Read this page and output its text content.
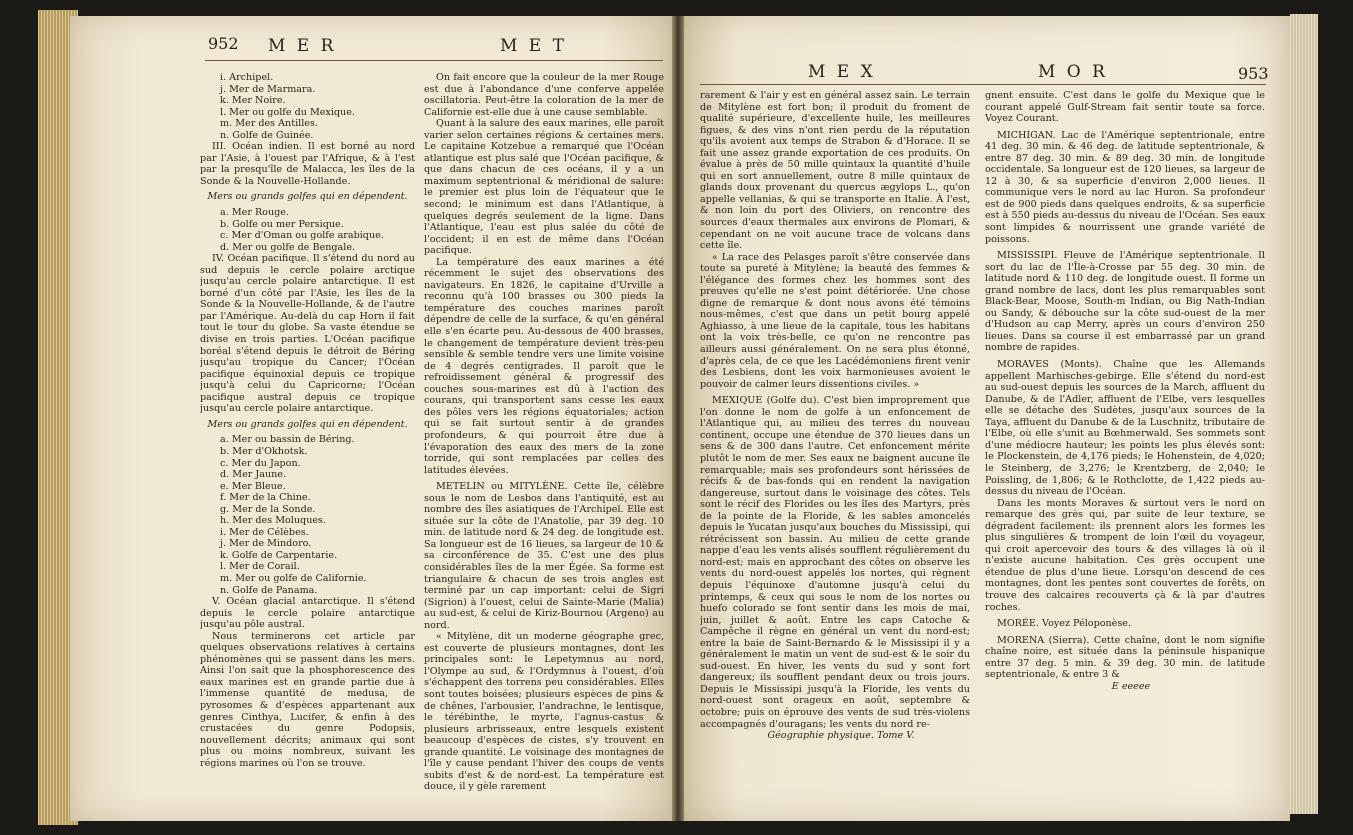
952 M E R	M E T
M E X	M O R	953

i. Archipel.

j. Mer de Marmara.

k. Mer Noire.

l. Mer ou golfe du Mexique.

m. Mer des Antilles.

n. Golfe de Guinée.

III. Océan indien. Il est borné au nord par l'Asie, à l'ouest par l'Afrique, & à l'est par la presqu'île de Malacca, les îles de la Sonde & la Nouvelle-Hollande.

Mers ou grands golfes qui en dépendent.

a. Mer Rouge.

b. Golfe ou mer Persique.

c. Mer d'Oman ou golfe arabique.

d. Mer ou golfe de Bengale.

IV. Océan pacifique. Il s'étend du nord au sud depuis le cercle polaire arctique jusqu'au cercle polaire antarctique. Il est borné d'un côté par l'Asie, les îles de la Sonde & la Nouvelle-Hollande, & de l'autre par l'Amérique. Au-delà du cap Horn il fait tout le tour du globe. Sa vaste étendue se divise en trois parties. L'Océan pacifique boréal s'étend depuis le détroit de Béring jusqu'au tropique du Cancer; l'Océan pacifique équinoxial depuis ce tropique jusqu'à celui du Capricorne; l'Océan pacifique austral depuis ce tropique jusqu'au cercle polaire antarctique.

Mers ou grands golfes qui en dépendent.

a. Mer ou bassin de Béring.

b. Mer d'Okhotsk.

c. Mer du Japon.

d. Mer Jaune.

e. Mer Bleue.

f. Mer de la Chine.

g. Mer de la Sonde.

h. Mer des Moluques.

i. Mer de Célèbes.

j. Mer de Mindoro.

k. Golfe de Carpentarie.

l. Mer de Corail.

m. Mer ou golfe de Californie.

n. Golfe de Panama.

V. Océan glacial antarctique. Il s'étend depuis le cercle polaire antarctique jusqu'au pôle austral.

Nous terminerons cet article par quelques observations relatives à certains phénomènes qui se passent dans les mers. Ainsi l'on sait que la phosphorescence des eaux marines est en grande partie due à l'immense quantité de medusa, de pyrosomes & d'espèces appartenant aux genres Cinthya, Lucifer, & enfin à des crustacées du genre Podopsis, nouvellement décrits; animaux qui sont plus ou moins nombreux, suivant les régions marines où l'on se trouve.

On fait encore que la couleur de la mer Rouge est due à l'abondance d'une conferve appelée oscillatoria. Peut-être la coloration de la mer de Californie est-elle due à une cause semblable.

Quant à la salure des eaux marines, elle paroît varier selon certaines régions & certaines mers. Le capitaine Kotzebue a remarqué que l'Océan atlantique est plus salé que l'Océan pacifique, & que dans chacun de ces océans, il y a un maximum septentrional & méridional de salure: le premier est plus loin de l'équateur que le second; le minimum est dans l'Atlantique, à quelques degrés seulement de la ligne. Dans l'Atlantique, l'eau est plus salée du côté de l'occident; il en est de même dans l'Océan pacifique.

La température des eaux marines a été récemment le sujet des observations des navigateurs. En 1826, le capitaine d'Urville a reconnu qu'à 100 brasses ou 300 pieds la température des couches marines paroît dépendre de celle de la surface, & qu'en général elle s'en écarte peu. Au-dessous de 400 brasses, le changement de température devient très-peu sensible & semble tendre vers une limite voisine de 4 degrés centigrades. Il paroît que le refroidissement général & progressif des couches sous-marines est dû à l'action des courans, qui transportent sans cesse les eaux des pôles vers les régions équatoriales; action qui se fait surtout sentir à de grandes profondeurs, & qui pourroit être due à l'évaporation des eaux des mers de la zone torride, qui sont remplacées par celles des latitudes élevées.

METELIN ou MITYLÈNE. Cette île, célèbre sous le nom de Lesbos dans l'antiquité, est au nombre des îles asiatiques de l'Archipel. Elle est située sur la côte de l'Anatolie, par 39 deg. 10 min. de latitude nord & 24 deg. de longitude est. Sa longueur est de 16 lieues, sa largeur de 10 & sa circonférence de 35. C'est une des plus considérables îles de la mer Égée. Sa forme est triangulaire & chacun de ses trois angles est terminé par un cap important: celui de Sigri (Sigrion) à l'ouest, celui de Sainte-Marie (Malia) au sud-est, & celui de Kiriz-Bournou (Argeno) au nord.

« Mitylène, dit un moderne géographe grec, est couverte de plusieurs montagnes, dont les principales sont: le Lepetymnus au nord, l'Olympe au sud, & l'Ordymnus à l'ouest, d'où s'échappent des torrens peu considérables. Elles sont toutes boisées; plusieurs espèces de pins & de chênes, l'arbousier, l'andrachne, le lentisque, le térébinthe, le myrte, l'agnus-castus & plusieurs arbrisseaux, entre lesquels existent beaucoup d'espèces de cistes, s'y trouvent en grande quantité. Le voisinage des montagnes de l'île y cause pendant l'hiver des coups de vents subits d'est & de nord-est. La température est douce, il y gèle rarement

rarement & l'air y est en général assez sain. Le terrain de Mitylène est fort bon; il produit du froment de qualité supérieure, d'excellente huile, les meilleures figues, & des vins n'ont rien perdu de la réputation qu'ils avoient aux temps de Strabon & d'Horace. Il se fait une assez grande exportation de ces produits. On évalue à près de 50 mille quintaux la quantité d'huile qui en sort annuellement, outre 8 mille quintaux de glands doux provenant du quercus ægylops L., qu'on appelle vellanias, & qui se transporte en Italie. À l'est, & non loin du port des Oliviers, on rencontre des sources d'eaux thermales aux environs de Plomari, & cependant on ne voit aucune trace de volcans dans cette île.

« La race des Pelasges paroît s'être conservée dans toute sa pureté à Mitylène; la beauté des femmes & l'élégance des formes chez les hommes sont des preuves qu'elle ne s'est point détériorée. Une chose digne de remarque & dont nous avons été témoins nous-mêmes, c'est que dans un petit bourg appelé Aghiasso, à une lieue de la capitale, tous les habitans ont la voix très-belle, ce qu'on ne rencontre pas ailleurs aussi généralement. On ne sera plus étonné, d'après cela, de ce que les Lacédémoniens firent venir des Lesbiens, dont les voix harmonieuses avoient le pouvoir de calmer leurs dissentions civiles. »

MEXIQUE (Golfe du). C'est bien improprement que l'on donne le nom de golfe à un enfoncement de l'Atlantique qui, au milieu des terres du nouveau continent, occupe une étendue de 370 lieues dans un sens & de 300 dans l'autre. Cet enfoncement mérite plutôt le nom de mer. Ses eaux ne baignent aucune île remarquable; mais ses profondeurs sont hérissées de récifs & de bas-fonds qui en rendent la navigation dangereuse, surtout dans le voisinage des côtes. Tels sont le récif des Florides ou les îles des Martyrs, près de la pointe de la Floride, & les sables amoncelés depuis le Yucatan jusqu'aux bouches du Mississipi, qui rétrécissent son bassin. Au milieu de cette grande nappe d'eau les vents alisés soufflent régulièrement du nord-est; mais en approchant des côtes on observe les vents du nord-ouest appelés los nortes, qui règnent depuis l'équinoxe d'automne jusqu'à celui du printemps, & ceux qui sous le nom de los nortes ou huefo colorado se font sentir dans les mois de mai, juin, juillet & août. Entre les caps Catoche & Campêche il règne en général un vent du nord-est; entre la baie de Saint-Bernardo & le Mississipi il y a généralement le matin un vent de sud-est & le soir du sud-ouest. En hiver, les vents du sud y sont fort dangereux; ils soufflent pendant deux ou trois jours. Depuis le Mississipi jusqu'à la Floride, les vents du nord-ouest sont orageux en août, septembre & octobre; puis on éprouve des vents de sud très-violens accompagnés d'ouragans; les vents du nord re-

Géographie physique. Tome V.

gnent ensuite. C'est dans le golfe du Mexique que le courant appelé Gulf-Stream fait sentir toute sa force. Voyez Courant.

MICHIGAN. Lac de l'Amérique septentrionale, entre 41 deg. 30 min. & 46 deg. de latitude septentrionale, & entre 87 deg. 30 min. & 89 deg. 30 min. de longitude occidentale. Sa longueur est de 120 lieues, sa largeur de 12 à 30, & sa superficie d'environ 2,000 lieues. Il communique vers le nord au lac Huron. Sa profondeur est de 900 pieds dans quelques endroits, & sa superficie est à 550 pieds au-dessus du niveau de l'Océan. Ses eaux sont limpides & nourrissent une grande variété de poissons.

MISSISSIPI. Fleuve de l'Amérique septentrionale. Il sort du lac de l'Île-à-Crosse par 55 deg. 30 min. de latitude nord & 110 deg. de longitude ouest. Il forme un grand nombre de lacs, dont les plus remarquables sont Black-Bear, Moose, South-m Indian, ou Big Nath-Indian ou Sandy, & débouche sur la côte sud-ouest de la mer d'Hudson au cap Merry, après un cours d'environ 250 lieues. Dans sa course il est embarrassé par un grand nombre de rapides.

MORAVES (Monts). Chaîne que les Allemands appellent Marhisches-gebirge. Elle s'étend du nord-est au sud-ouest depuis les sources de la March, affluent du Danube, & de l'Adler, affluent de l'Elbe, vers lesquelles elle se détache des Sudètes, jusqu'aux sources de la Taya, affluent du Danube & de la Luschnitz, tributaire de l'Elbe, où elle s'unit au Bœhmerwald. Ses sommets sont d'une médiocre hauteur; les points les plus élevés sont: le Plockenstein, de 4,176 pieds; le Hohenstein, de 4,020; le Steinberg, de 3,276; le Krentzberg, de 2,040; le Poissling, de 1,806; & le Rothclotte, de 1,422 pieds au-dessus du niveau de l'Océan.

Dans les monts Moraves & surtout vers le nord on remarque des grès qui, par suite de leur texture, se dégradent facilement: ils prennent alors les formes les plus singulières & trompent de loin l'œil du voyageur, qui croit apercevoir des tours & des villages là où il n'existe aucune habitation. Ces grès occupent une étendue de plus d'une lieue. Lorsqu'on descend de ces montagnes, dont les pentes sont couvertes de forêts, on trouve des calcaires recouverts çà & là par d'autres roches.

MORÉE. Voyez Péloponèse.

MORENA (Sierra). Cette chaîne, dont le nom signifie chaîne noire, est située dans la péninsule hispanique entre 37 deg. 5 min. & 39 deg. 30 min. de latitude septentrionale, & entre 3 &

E eeeee
